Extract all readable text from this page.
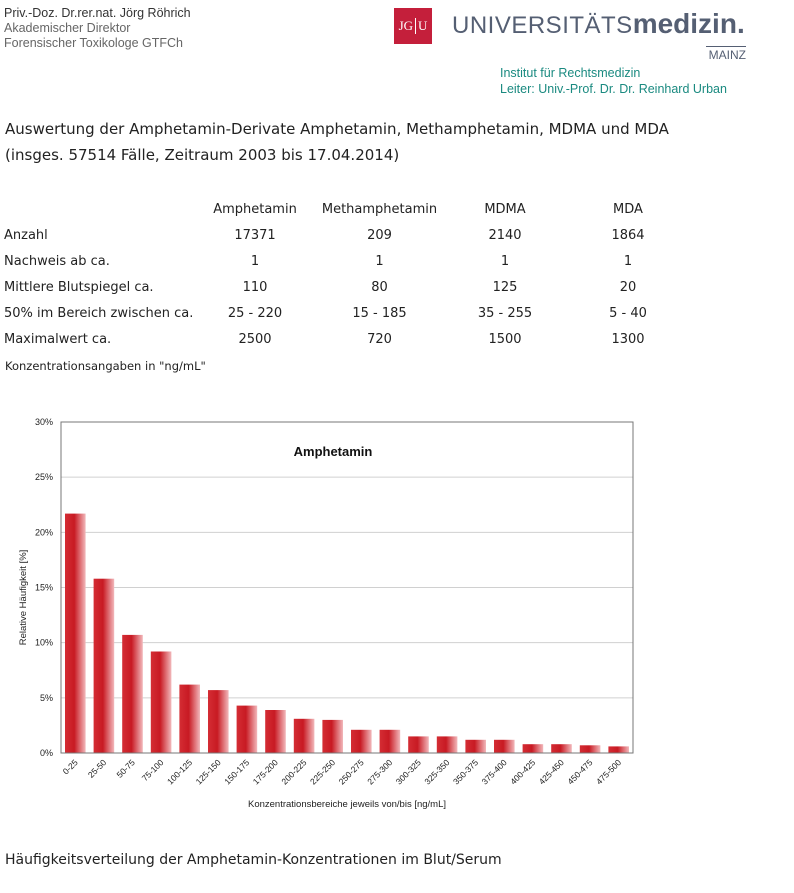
Priv.-Doz. Dr.rer.nat. Jörg Röhrich
Akademischer Direktor
Forensischer Toxikologe GTFCh
JG U UNIVERSITÄTSmedizin.
MAINZ
Institut für Rechtsmedizin
Leiter: Univ.-Prof. Dr. Dr. Reinhard Urban
Auswertung der Amphetamin-Derivate Amphetamin, Methamphetamin, MDMA und MDA
(insges. 57514 Fälle, Zeitraum 2003 bis 17.04.2014)
	Amphetamin	Methamphetamin	MDMA	MDA
Anzahl	17371	209	2140	1864
Nachweis ab ca.	1	1	1	1
Mittlere Blutspiegel ca.	110	80	125	20
50% im Bereich zwischen ca.	25 - 220	15 - 185	35 - 255	5 - 40
Maximalwert ca.	2500	720	1500	1300
Konzentrationsangaben in "ng/mL"
0%
5%
10%
15%
20%
25%
30%
0-25 25-50 50-75 75-100 100-125 125-150 150-175 175-200 200-225 225-250 250-275 275-300 300-325 325-350 350-375 375-400 400-425 425-450 450-475 475-500
Amphetamin
Relative Häufigkeit [%]
Konzentrationsbereiche jeweils von/bis [ng/mL]
Häufigkeitsverteilung der Amphetamin-Konzentrationen im Blut/Serum
